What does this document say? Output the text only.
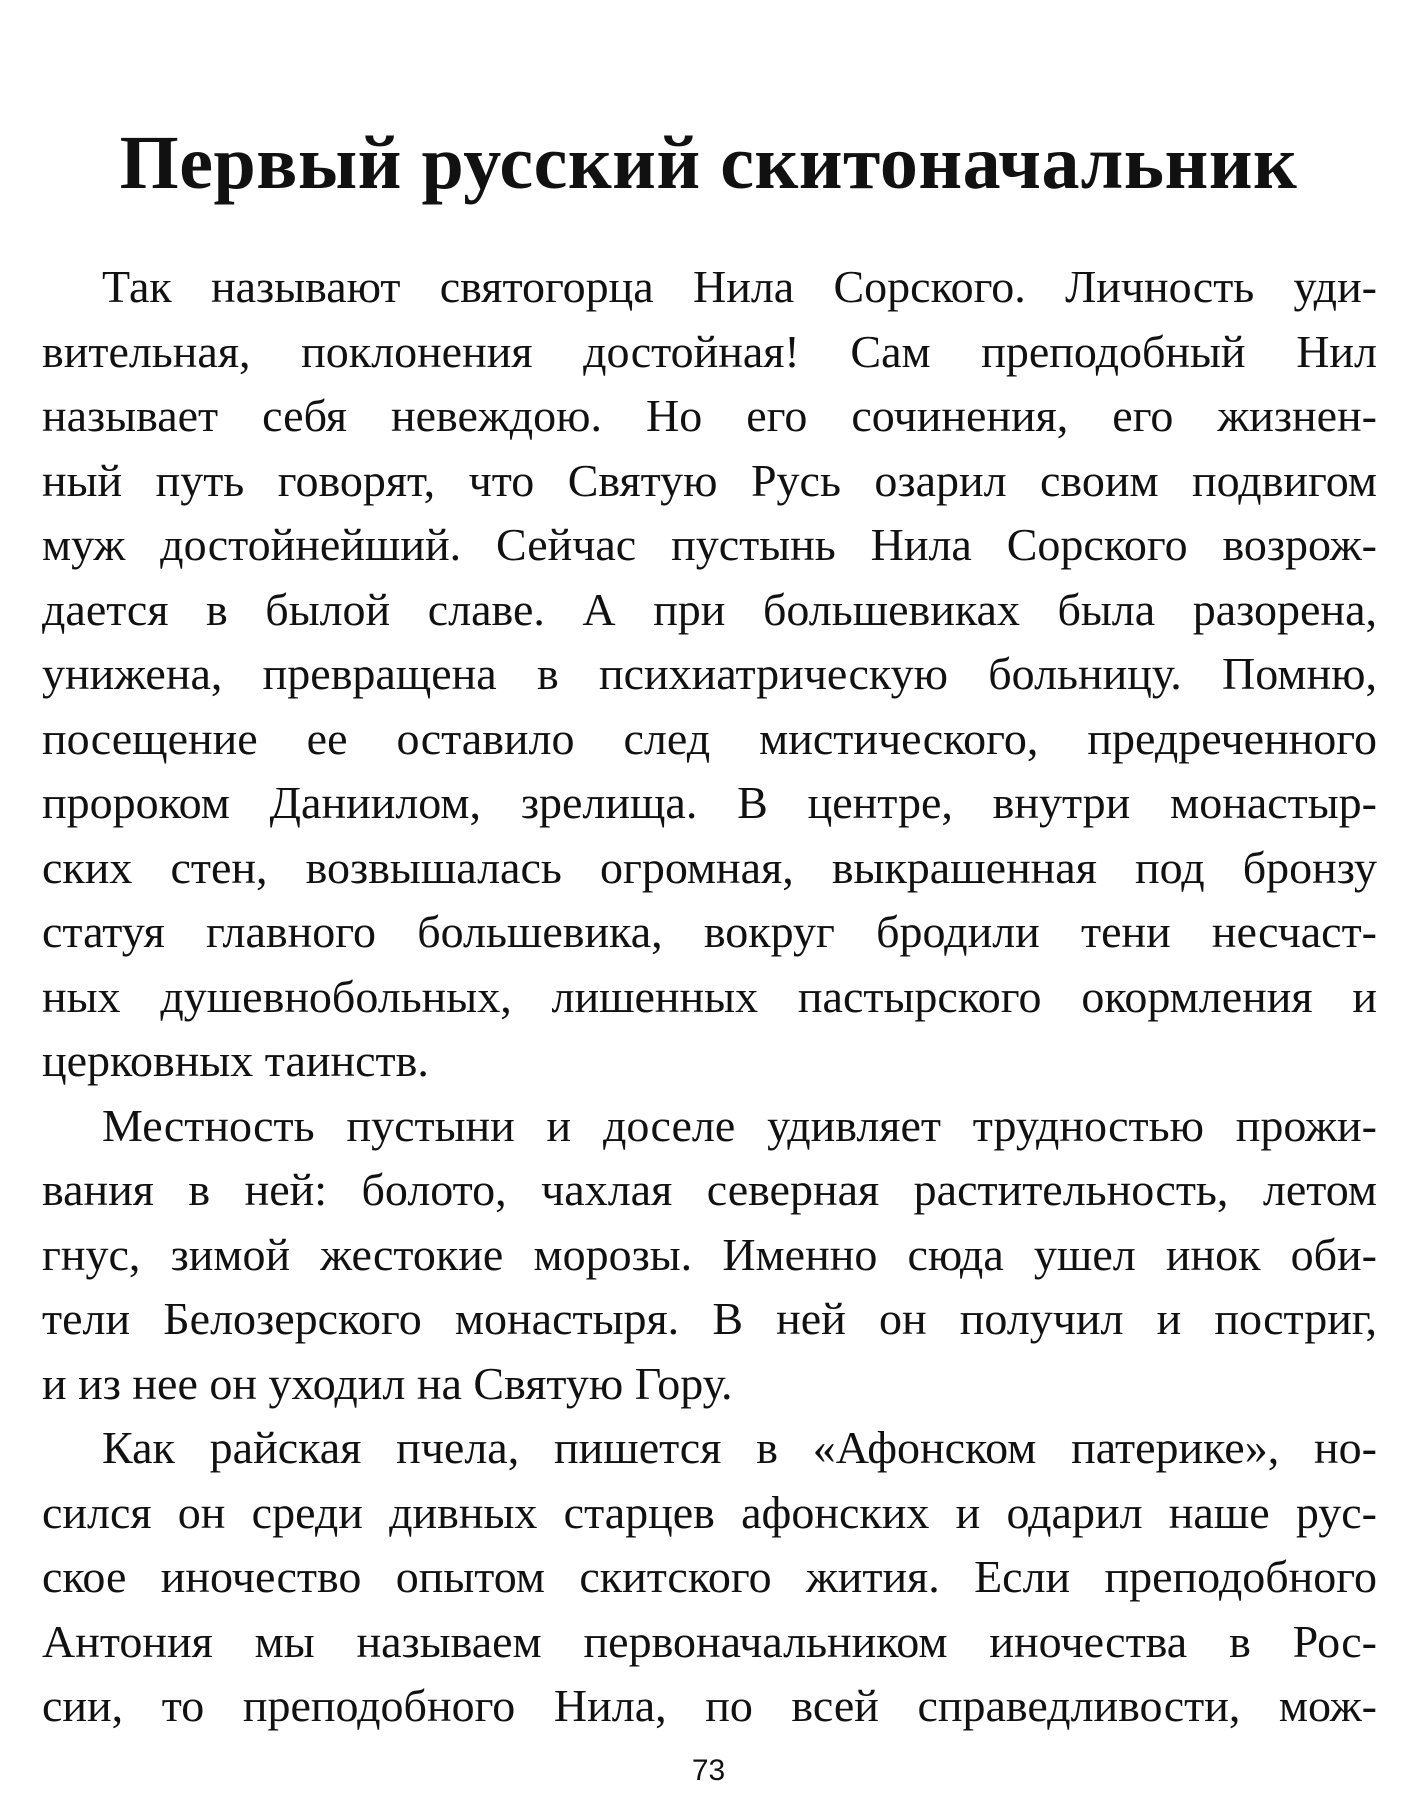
Первый русский скитоначальник
Так называют святогорца Нила Сорского. Личность уди-
вительная, поклонения достойная! Сам преподобный Нил
называет себя невеждою. Но его сочинения, его жизнен-
ный путь говорят, что Святую Русь озарил своим подвигом
муж достойнейший. Сейчас пустынь Нила Сорского возрож-
дается в былой славе. А при большевиках была разорена,
унижена, превращена в психиатрическую больницу. Помню,
посещение ее оставило след мистического, предреченного
пророком Даниилом, зрелища. В центре, внутри монастыр-
ских стен, возвышалась огромная, выкрашенная под бронзу
статуя главного большевика, вокруг бродили тени несчаст-
ных душевнобольных, лишенных пастырского окормления и
церковных таинств.
Местность пустыни и доселе удивляет трудностью прожи-
вания в ней: болото, чахлая северная растительность, летом
гнус, зимой жестокие морозы. Именно сюда ушел инок оби-
тели Белозерского монастыря. В ней он получил и постриг,
и из нее он уходил на Святую Гору.
Как райская пчела, пишется в «Афонском патерике», но-
сился он среди дивных старцев афонских и одарил наше рус-
ское иночество опытом скитского жития. Если преподобного
Антония мы называем первоначальником иночества в Рос-
сии, то преподобного Нила, по всей справедливости, мож-
73
